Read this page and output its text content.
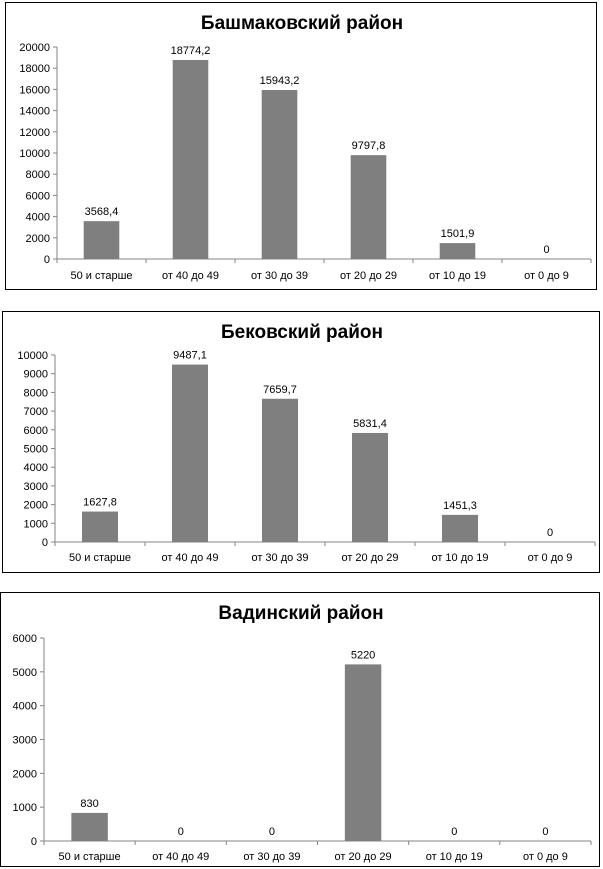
Башмаковский район
0
2000
4000
6000
8000
10000
12000
14000
16000
18000
20000
3568,4
50 и старше
18774,2
от 40 до 49
15943,2
от 30 до 39
9797,8
от 20 до 29
1501,9
от 10 до 19
0
от 0 до 9
Бековский район
0
1000
2000
3000
4000
5000
6000
7000
8000
9000
10000
1627,8
50 и старше
9487,1
от 40 до 49
7659,7
от 30 до 39
5831,4
от 20 до 29
1451,3
от 10 до 19
0
от 0 до 9
Вадинский район
0
1000
2000
3000
4000
5000
6000
830
50 и старше
0
от 40 до 49
0
от 30 до 39
5220
от 20 до 29
0
от 10 до 19
0
от 0 до 9
